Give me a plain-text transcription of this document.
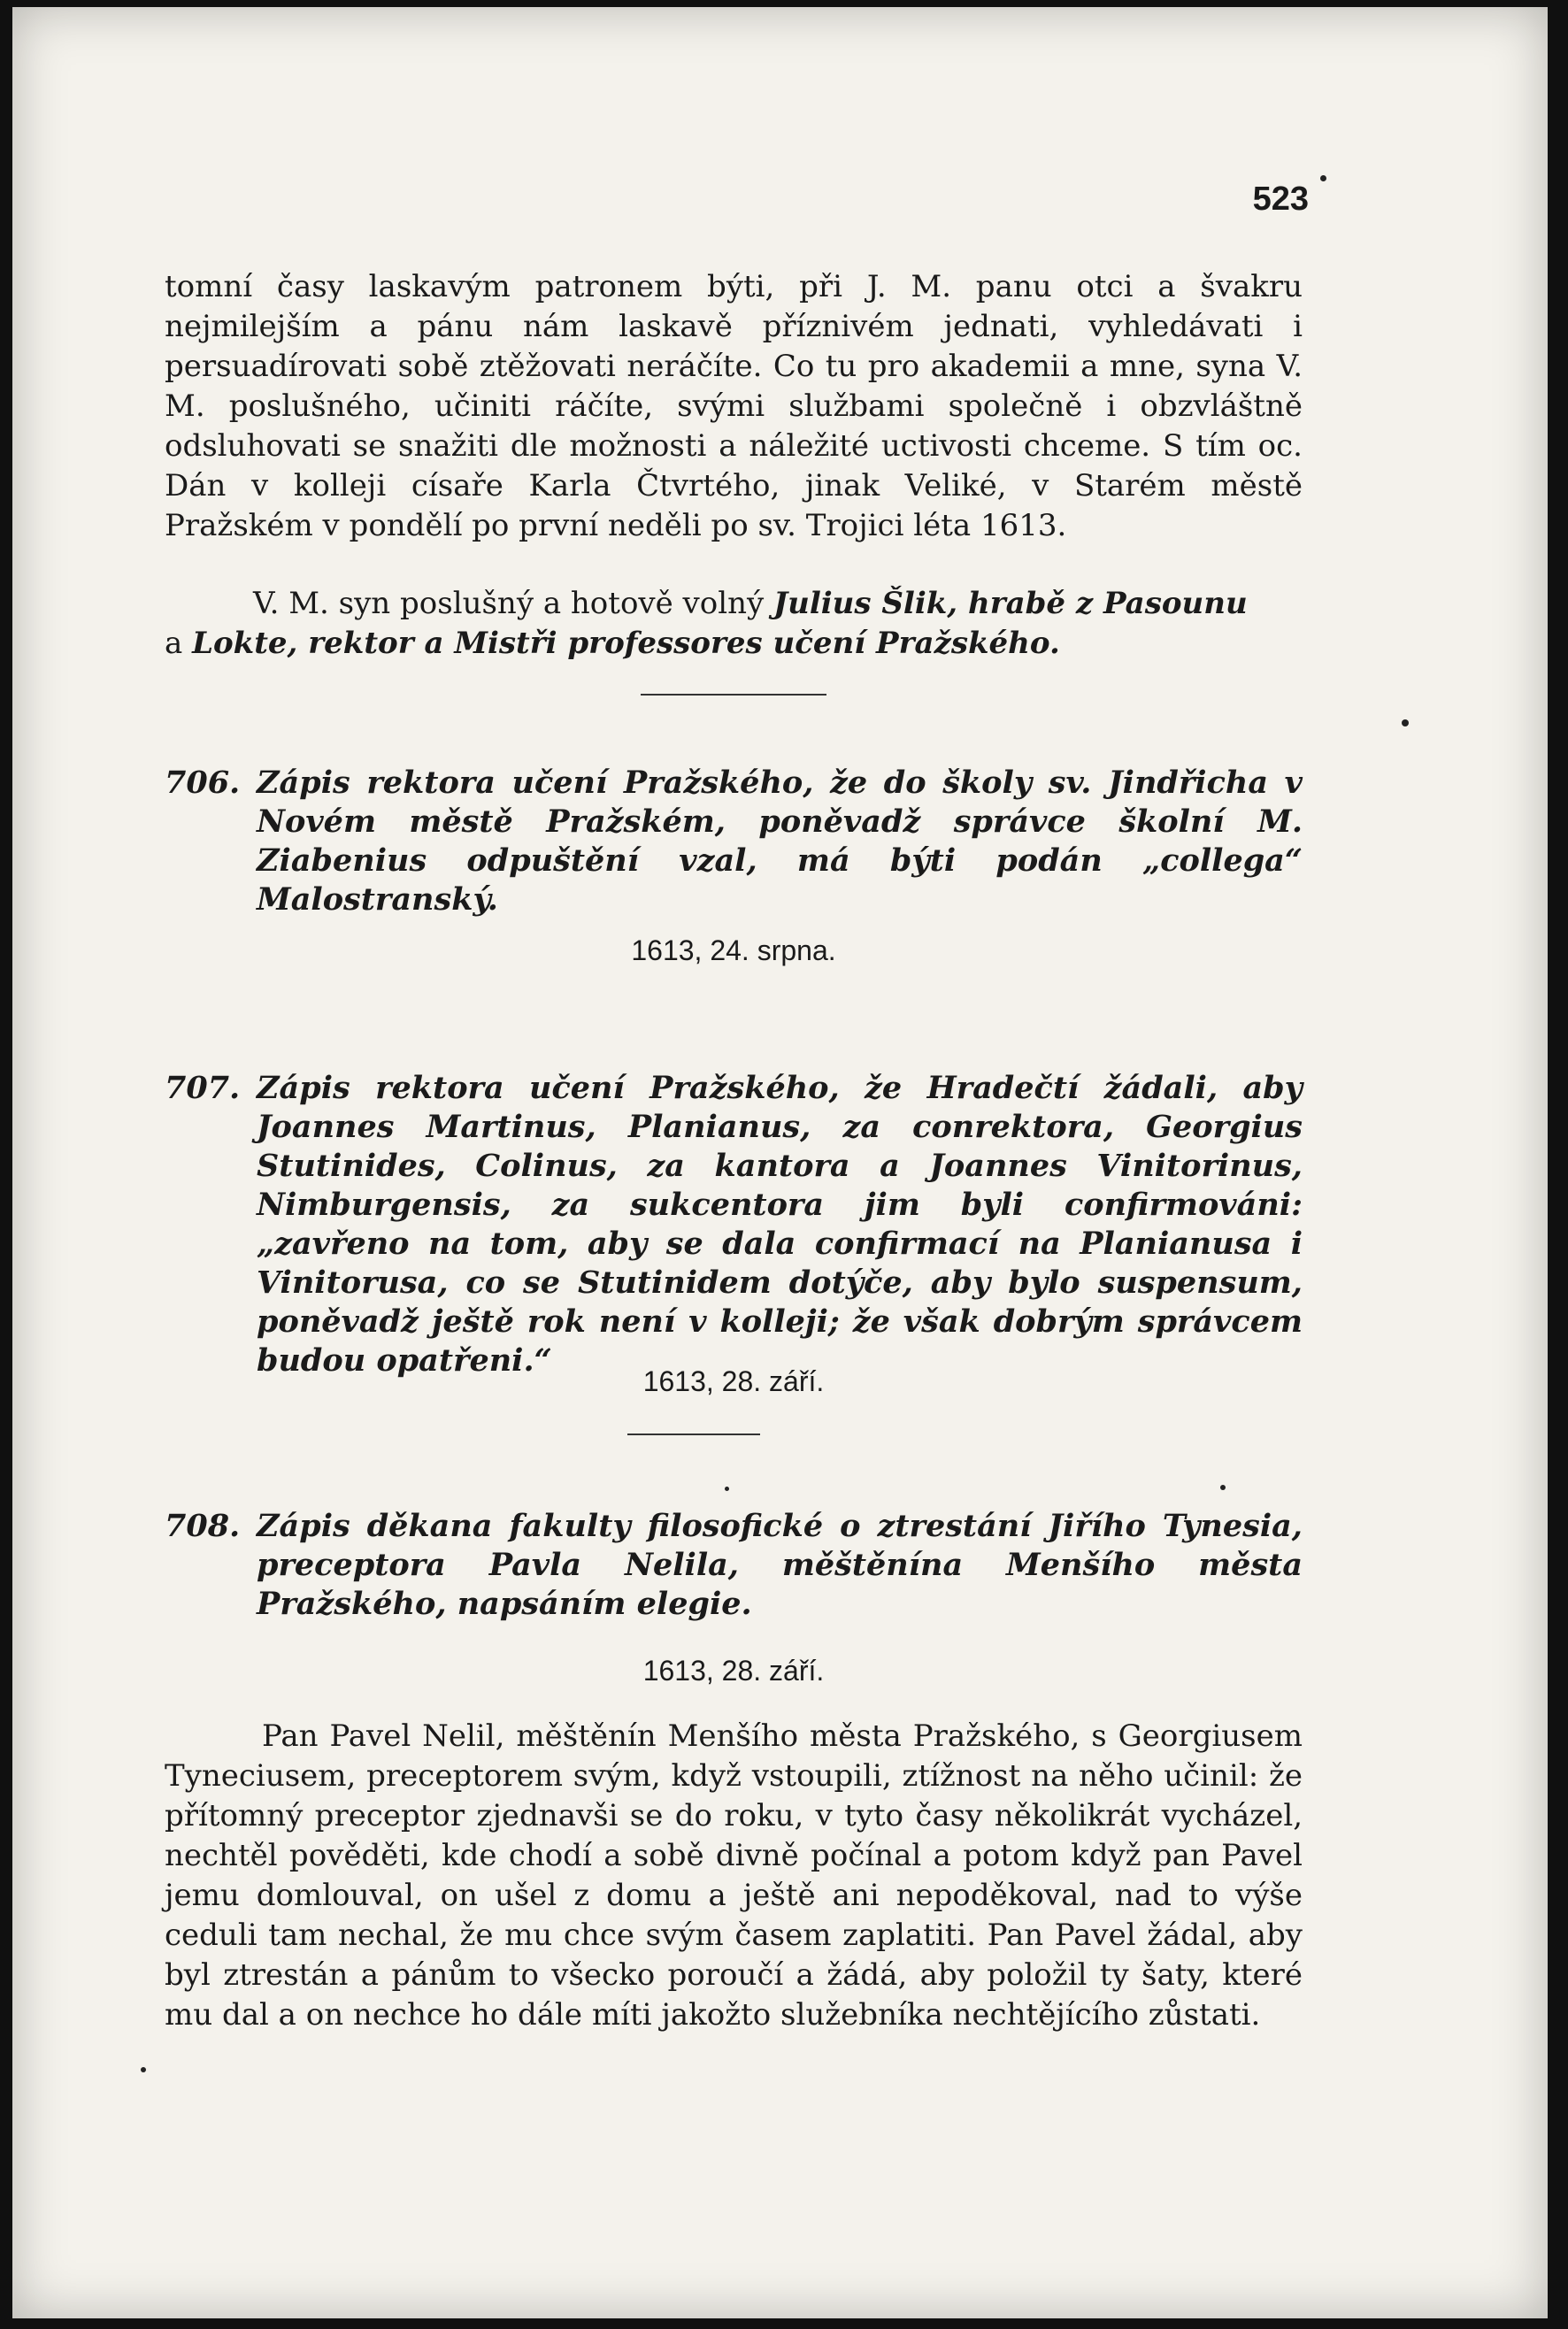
523

tomní časy laskavým patronem býti, při J. M. panu otci a švakru nejmilejším a pánu nám laskavě příznivém jednati, vyhledávati i persuadírovati sobě ztěžovati neráčíte. Co tu pro akademii a mne, syna V. M. poslušného, učiniti ráčíte, svými službami společně i obzvláštně odsluhovati se snažiti dle možnosti a náležité uctivosti chceme. S tím oc. Dán v kolleji císaře Karla Čtvrtého, jinak Veliké, v Starém městě Pražském v pondělí po první neděli po sv. Trojici léta 1613.

V. M. syn poslušný a hotově volný Julius Šlik, hrabě z Pasounu

a Lokte, rektor a Mistři professores učení Pražského.

706. Zápis rektora učení Pražského, že do školy sv. Jindřicha v Novém městě Pražském, poněvadž správce školní M. Ziabenius odpuštění vzal, má býti podán „collega“ Malostranský.

1613, 24. srpna.

707. Zápis rektora učení Pražského, že Hradečtí žádali, aby Joannes Martinus, Planianus, za conrektora, Georgius Stutinides, Colinus, za kantora a Joannes Vinitorinus, Nimburgensis, za sukcentora jim byli confirmováni: „zavřeno na tom, aby se dala confirmací na Planianusa i Vinitorusa, co se Stutinidem dotýče, aby bylo suspensum, poněvadž ještě rok není v kolleji; že však dobrým správcem budou opatřeni.“

1613, 28. září.

708. Zápis děkana fakulty filosofické o ztrestání Jiřího Tynesia, preceptora Pavla Nelila, měštěnína Menšího města Pražského, napsáním elegie.

1613, 28. září.

Pan Pavel Nelil, měštěnín Menšího města Pražského, s Georgiusem Tyneciusem, preceptorem svým, když vstoupili, ztížnost na něho učinil: že přítomný preceptor zjednavši se do roku, v tyto časy několikrát vycházel, nechtěl pověděti, kde chodí a sobě divně počínal a potom když pan Pavel jemu domlouval, on ušel z domu a ještě ani nepoděkoval, nad to výše ceduli tam nechal, že mu chce svým časem zaplatiti. Pan Pavel žádal, aby byl ztrestán a pánům to všecko poroučí a žádá, aby položil ty šaty, které mu dal a on nechce ho dále míti jakožto služebníka nechtějícího zůstati.
